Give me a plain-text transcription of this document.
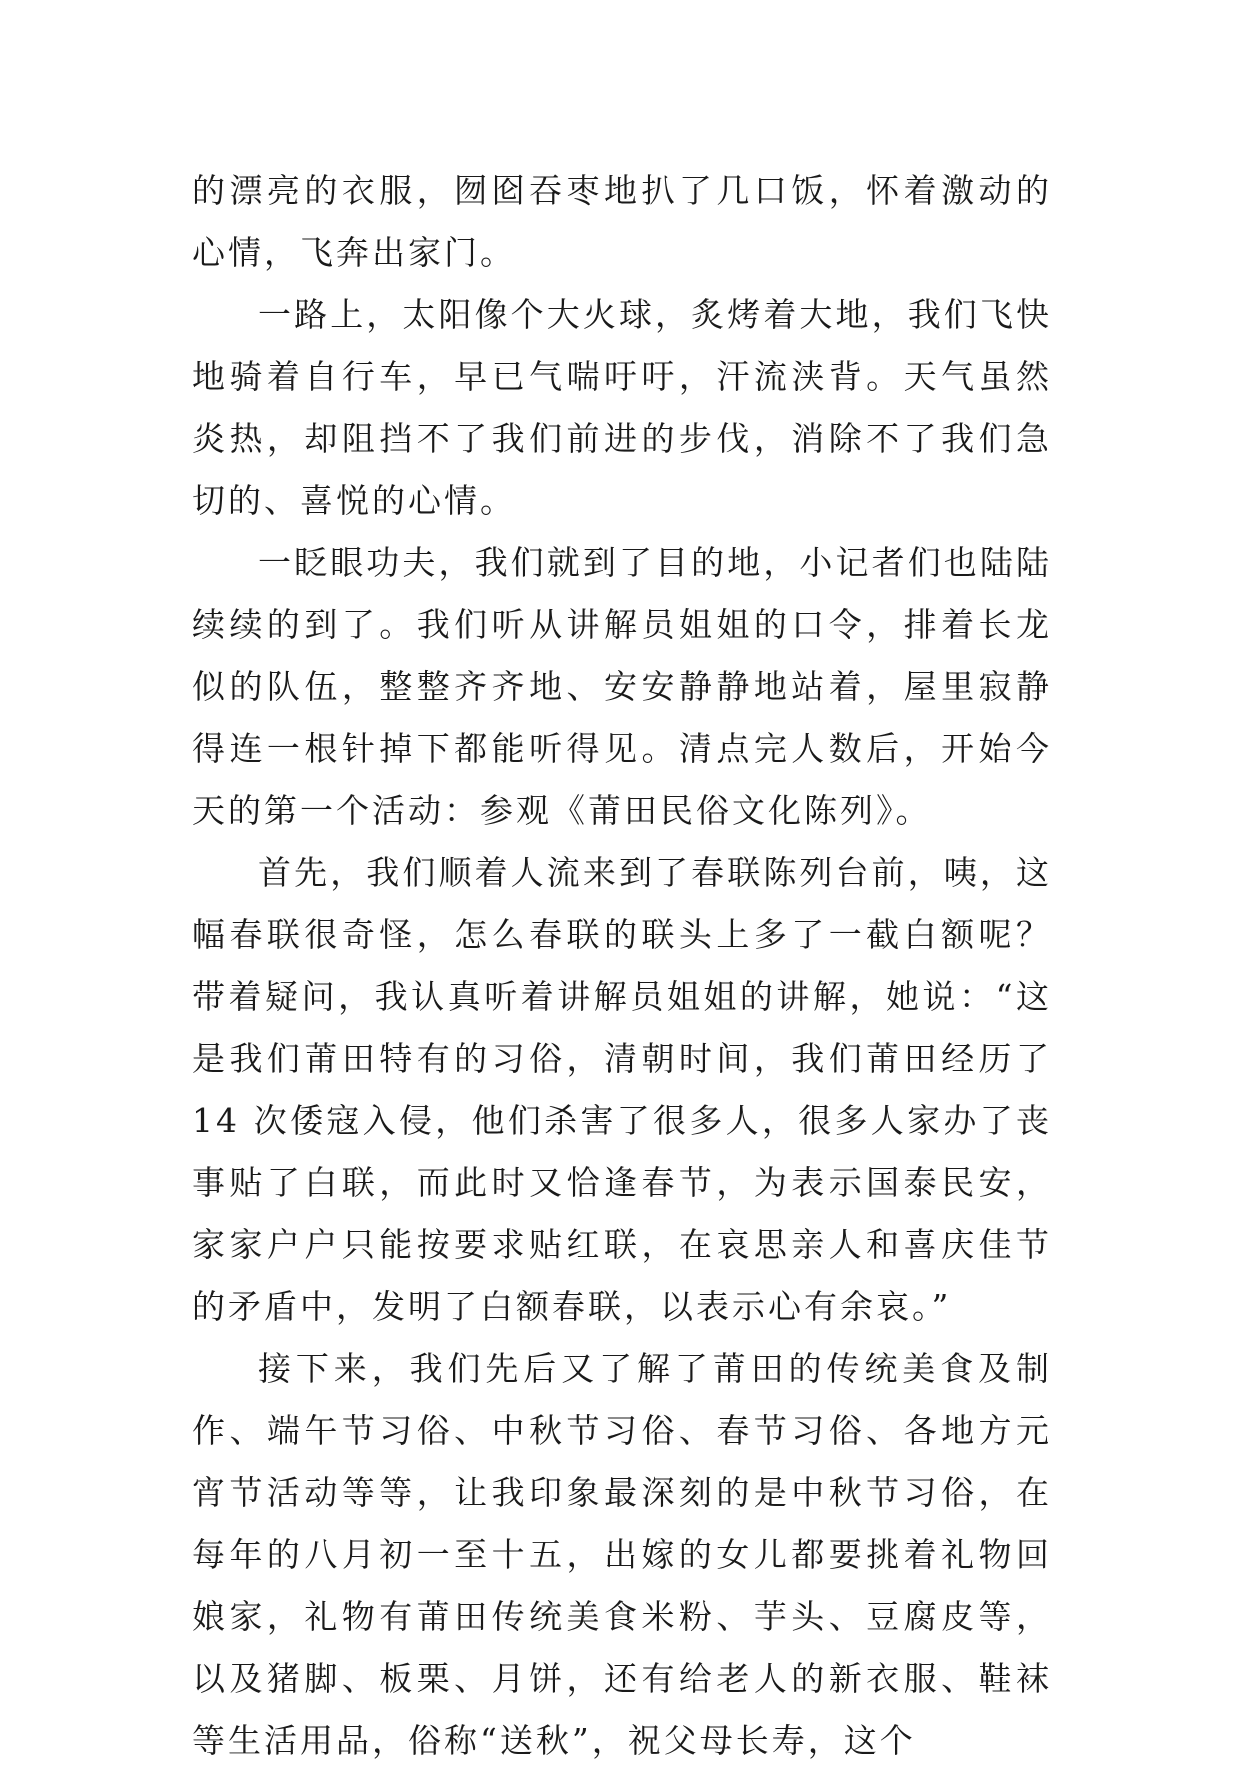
的漂亮的衣服，囫囵吞枣地扒了几口饭，怀着激动的心情，飞奔出家门。

一路上，太阳像个大火球，炙烤着大地，我们飞快地骑着自行车，早已气喘吁吁，汗流浃背。天气虽然炎热，却阻挡不了我们前进的步伐，消除不了我们急切的、喜悦的心情。

一眨眼功夫，我们就到了目的地，小记者们也陆陆续续的到了。我们听从讲解员姐姐的口令，排着长龙似的队伍，整整齐齐地、安安静静地站着，屋里寂静得连一根针掉下都能听得见。清点完人数后，开始今天的第一个活动：参观《莆田民俗文化陈列》。

首先，我们顺着人流来到了春联陈列台前，咦，这幅春联很奇怪，怎么春联的联头上多了一截白额呢？带着疑问，我认真听着讲解员姐姐的讲解，她说：“这是我们莆田特有的习俗，清朝时间，我们莆田经历了 14 次倭寇入侵，他们杀害了很多人，很多人家办了丧事贴了白联，而此时又恰逢春节，为表示国泰民安，家家户户只能按要求贴红联，在哀思亲人和喜庆佳节的矛盾中，发明了白额春联，以表示心有余哀。”

接下来，我们先后又了解了莆田的传统美食及制作、端午节习俗、中秋节习俗、春节习俗、各地方元宵节活动等等，让我印象最深刻的是中秋节习俗，在每年的八月初一至十五，出嫁的女儿都要挑着礼物回娘家，礼物有莆田传统美食米粉、芋头、豆腐皮等，以及猪脚、板栗、月饼，还有给老人的新衣服、鞋袜等生活用品，俗称“送秋”，祝父母长寿，这个
